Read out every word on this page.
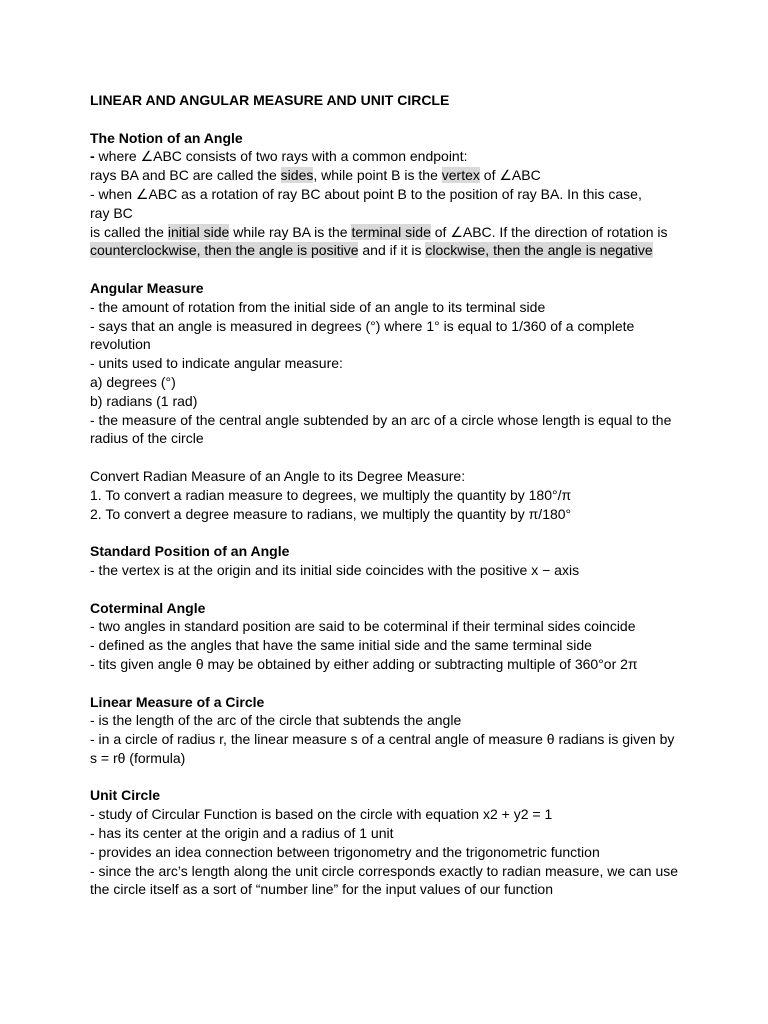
LINEAR AND ANGULAR MEASURE AND UNIT CIRCLE

The Notion of an Angle

- where ∠ABC consists of two rays with a common endpoint:

rays BA and BC are called the sides, while point B is the vertex of ∠ABC

- when ∠ABC as a rotation of ray BC about point B to the position of ray BA. In this case, ray BC

is called the initial side while ray BA is the terminal side of ∠ABC. If the direction of rotation is

counterclockwise, then the angle is positive and if it is clockwise, then the angle is negative

Angular Measure

- the amount of rotation from the initial side of an angle to its terminal side

- says that an angle is measured in degrees (°) where 1° is equal to 1/360 of a complete revolution

- units used to indicate angular measure:

a) degrees (°)

b) radians (1 rad)

- the measure of the central angle subtended by an arc of a circle whose length is equal to the radius of the circle

Convert Radian Measure of an Angle to its Degree Measure:

1. To convert a radian measure to degrees, we multiply the quantity by 180°/π

2. To convert a degree measure to radians, we multiply the quantity by π/180°

Standard Position of an Angle

- the vertex is at the origin and its initial side coincides with the positive x − axis

Coterminal Angle

- two angles in standard position are said to be coterminal if their terminal sides coincide

- defined as the angles that have the same initial side and the same terminal side

- tits given angle θ may be obtained by either adding or subtracting multiple of 360°or 2π

Linear Measure of a Circle

- is the length of the arc of the circle that subtends the angle

- in a circle of radius r, the linear measure s of a central angle of measure θ radians is given by s = rθ (formula)

Unit Circle

- study of Circular Function is based on the circle with equation x2 + y2 = 1

- has its center at the origin and a radius of 1 unit

- provides an idea connection between trigonometry and the trigonometric function

- since the arc’s length along the unit circle corresponds exactly to radian measure, we can use the circle itself as a sort of “number line” for the input values of our function
